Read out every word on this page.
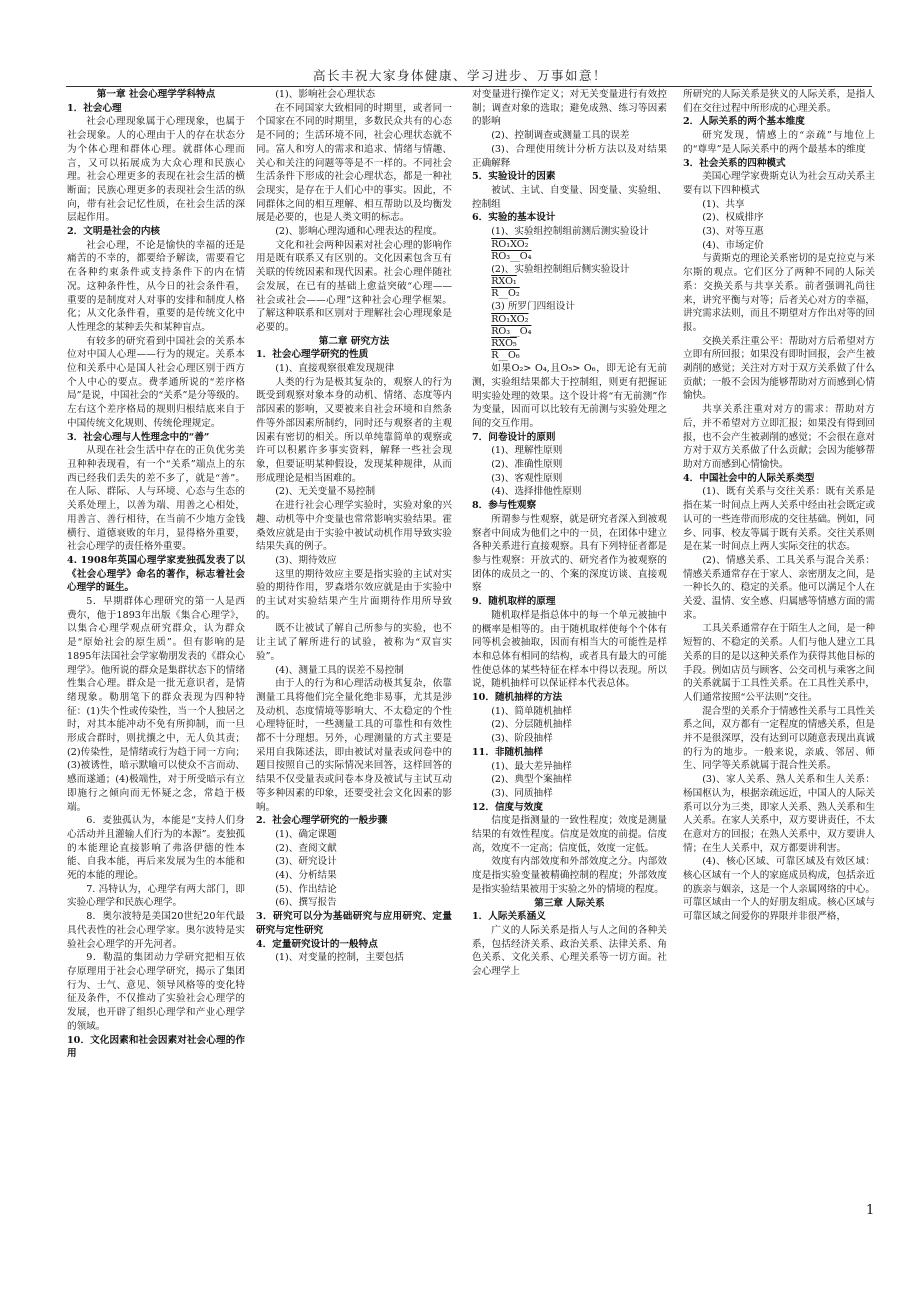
高长丰祝大家身体健康、学习进步、万事如意！
第一章 社会心理学学科特点
1．社会心理
社会心理现象属于心理现象，也属于社会现象。人的心理由于人的存在状态分为个体心理和群体心理。就群体心理而言，又可以拓展成为大众心理和民族心理。社会心理更多的表现在社会生活的横断面；民族心理更多的表现社会生活的纵向，带有社会记忆性质，在社会生活的深层起作用。
2．文明是社会的内核
社会心理，不论是愉快的幸福的还是痛苦的不幸的，都要给予解读，需要看它在各种约束条件或支持条件下的内在情况。这种条件性，从今日的社会条件看，重要的是制度对人对事的安排和制度人格化；从文化条件看，重要的是传统文化中人性理念的某种丢失和某种盲点。
有较多的研究看到中国社会的关系本位对中国人心理——行为的规定。关系本位和关系中心是国人社会心理区别于西方个人中心的要点。费孝通所说的“差序格局”是说，中国社会的“关系”是分等级的。左右这个差序格局的规则归根结底来自于中国传统文化规则、传统伦理规定。
3．社会心理与人性理念中的“善”
从现在社会生活中存在的正负优劣美丑种种表现看，有一个“关系”端点上的东西已经我们丢失的差不多了，就是“善”。在人际、群际、人与环境、心态与生态的关系处理上，以善为端、用善之心相处，用善言、善行相待，在当前不少地方金钱横行、道德衰败的年月，显得格外重要，社会心理学的责任格外重要。
4. 1908年英国心理学家麦独孤发表了以《社会心理学》命名的著作，标志着社会心理学的诞生。
5．早期群体心理研究的第一人是西费尔，他于1893年出版《集合心理学》，以集合心理学观点研究群众，认为群众是“原始社会的原生质”。但有影响的是1895年法国社会学家勒朋发表的《群众心理学》。他所说的群众是集群状态下的情绪性集合心理。群众是一批无意识者，是情绪现象。勒朋笔下的群众表现为四种特征：(1)失个性或传染性，当一个人独居之时，对其本能冲动不免有所抑制，而一旦形成合群时，则扰攘之中，无人负其责；(2)传染性，是情绪或行为趋于同一方向；(3)被诱性，暗示默喻可以使众不言而动、感而遂通；(4)极端性，对于所受暗示有立即施行之倾向而无怀疑之念，常趋于极端。
6．麦独孤认为，本能是“支持人们身心活动并且灌输人们行为的本源”。麦独孤的本能理论直接影响了弗洛伊德的性本能、自我本能，再后来发展为生的本能和死的本能的理论。
7. 冯特认为，心理学有两大部门，即实验心理学和民族心理学。
8．奥尔波特是美国20世纪20年代最具代表性的社会心理学家。奥尔波特是实验社会心理学的开先河者。
9．勒温的集团动力学研究把相互依存原理用于社会心理学研究，揭示了集团行为、士气、意见、领导风格等的变化特征及条件，不仅推动了实验社会心理学的发展，也开辟了组织心理学和产业心理学的领域。
10．文化因素和社会因素对社会心理的作用
(1)、影响社会心理状态
在不同国家大致相同的时期里，或者同一个国家在不同的时期里，多数民众共有的心态是不同的；生活环境不同，社会心理状态就不同。富人和穷人的需求和追求、情绪与情趣、关心和关注的问题等等是不一样的。不同社会生活条件下形成的社会心理状态，都是一种社会现实，是存在于人们心中的事实。因此，不同群体之间的相互理解、相互帮助以及均衡发展是必要的，也是人类文明的标志。
(2)、影响心理沟通和心理表达的程度。
文化和社会两种因素对社会心理的影响作用是既有联系又有区别的。文化因素包含互有关联的传统因素和现代因素。社会心理伴随社会发展，在已有的基础上愈益突破“心理——社会或社会——心理”这种社会心理学框架。了解这种联系和区别对于理解社会心理现象是必要的。
第二章 研究方法
1．社会心理学研究的性质
(1)、直接观察很难发现规律
人类的行为是极其复杂的，观察人的行为既受到观察对象本身的动机、情绪、态度等内部因素的影响，又要被来自社会环境和自然条件等外部因素所制约，同时还与观察者的主观因素有密切的相关。所以单纯靠简单的观察或许可以积累许多事实资料，解释一些社会现象，但要证明某种假设，发现某种规律，从而形成理论是相当困难的。
(2)、无关变量不易控制
在进行社会心理学实验时，实验对象的兴趣、动机等中介变量也常常影响实验结果。霍桑效应就是由于实验中被试动机作用导致实验结果失真的例子。
(3)、期待效应
这里的期待效应主要是指实验的主试对实验的期待作用，罗森塔尔效应就是由于实验中的主试对实验结果产生片面期待作用所导致的。
既不让被试了解自己所参与的实验，也不让主试了解所进行的试验，被称为“双盲实验”。
(4)、测量工具的误差不易控制
由于人的行为和心理活动极其复杂，依靠测量工具将他们完全量化绝非易事，尤其是涉及动机、态度情境等影响大、不太稳定的个性心理特征时，一些测量工具的可靠性和有效性都不十分理想。另外，心理测量的方式主要是采用自我陈述法，即由被试对量表或问卷中的题目按照自己的实际情况来回答，这样回答的结果不仅受量表或问卷本身及被试与主试互动等多种因素的印象，还要受社会文化因素的影响。
2．社会心理学研究的一般步骤
(1)、确定课题
(2)、查阅文献
(3)、研究设计
(4)、分析结果
(5)、作出结论
(6)、撰写报告
3．研究可以分为基础研究与应用研究、定量研究与定性研究
4．定量研究设计的一般特点
(1)、对变量的控制，主要包括
对变量进行操作定义；对无关变量进行有效控制；调查对象的选取；避免成熟、练习等因素的影响
(2)、控制调查或测量工具的误差
(3)、合理使用统计分析方法以及对结果正确解释
5．实验设计的因素
被试、主试、自变量、因变量、实验组、控制组
6．实验的基本设计
(1)、实验组控制组前测后测实验设计
RO₁XO₂
RO₃__O₄
(2)、实验组控制组后侧实验设计
RXO₁
R__O₂
(3) 所罗门四组设计
RO₁XO₂
RO₃__O₄
RXO₅
R__O₆
如果O₂> O₄,且O₅> O₆，即无论有无前测，实验组结果都大于控制组，则更有把握证明实验处理的效果。这个设计将“有无前测”作为变量，因而可以比较有无前测与实验处理之间的交互作用。
7．问卷设计的原则
(1)、理解性原则
(2)、准确性原则
(3)、客观性原则
(4)、选择排他性原则
8．参与性观察
所谓参与性观察，就是研究者深入到被观察者中间成为他们之中的一员，在团体中建立各种关系进行直接观察。具有下列特征者都是参与性观察：开放式的、研究者作为被观察的团体的成员之一的、个案的深度访谈、直接观察
9．随机取样的原理
随机取样是指总体中的每一个单元被抽中的概率是相等的。由于随机取样使每个个体有同等机会被抽取，因而有相当大的可能性是样本和总体有相同的结构，或者具有最大的可能性使总体的某些特征在样本中得以表现。所以说，随机抽样可以保证样本代表总体。
10．随机抽样的方法
(1)、简单随机抽样
(2)、分层随机抽样
(3)、阶段抽样
11．非随机抽样
(1)、最大差异抽样
(2)、典型个案抽样
(3)、同质抽样
12．信度与效度
信度是指测量的一致性程度；效度是测量结果的有效性程度。信度是效度的前提。信度高，效度不一定高；信度低，效度一定低。
效度有内部效度和外部效度之分。内部效度是指实验变量被精确控制的程度；外部效度是指实验结果被用于实验之外的情境的程度。
第三章 人际关系
1．人际关系涵义
广义的人际关系是指人与人之间的各种关系，包括经济关系、政治关系、法律关系、角色关系、文化关系、心理关系等一切方面。社会心理学上
所研究的人际关系是狭义的人际关系，是指人们在交往过程中所形成的心理关系。
2．人际关系的两个基本维度
研究发现，情感上的“亲疏”与地位上的“尊卑”是人际关系中的两个最基本的维度
3．社会关系的四种模式
美国心理学家费斯克认为社会互动关系主要有以下四种模式
(1)、共享
(2)、权威排序
(3)、对等互惠
(4)、市场定价
与黄斯克的理论关系密切的是克拉克与米尔斯的观点。它们区分了两种不同的人际关系：交换关系与共享关系。前者强调礼尚往来，讲究平衡与对等；后者关心对方的幸福，讲究需求法则，而且不期望对方作出对等的回报。
交换关系注重公平：帮助对方后希望对方立即有所回报；如果没有即时回报，会产生被剥削的感觉；关注对方对于双方关系做了什么贡献；一般不会因为能够帮助对方而感到心情愉快。
共享关系注重对对方的需求：帮助对方后，并不希望对方立即汇报；如果没有得到回报，也不会产生被剥削的感觉；不会很在意对方对于双方关系做了什么贡献；会因为能够帮助对方而感到心情愉快。
4．中国社会中的人际关系类型
(1)、既有关系与交往关系：既有关系是指在某一时间点上两人关系中经由社会既定或认可的一些连带而形成的交往基础。例如，同乡、同事、校友等属于既有关系。交往关系则是在某一时间点上两人实际交往的状态。
(2)、情感关系、工具关系与混合关系：情感关系通常存在于家人、亲密朋友之间，是一种长久的、稳定的关系。他可以满足个人在关爱、温情、安全感、归属感等情感方面的需求。
工具关系通常存在于陌生人之间，是一种短暂的、不稳定的关系。人们与他人建立工具关系的目的是以这种关系作为获得其他目标的手段。例如店员与顾客、公交司机与乘客之间的关系就属于工具性关系。在工具性关系中，人们通常按照“公平法则”交往。
混合型的关系介于情感性关系与工具性关系之间，双方都有一定程度的情感关系，但是并不是很深厚，没有达到可以随意表现出真诚的行为的地步。一般来说，亲戚、邻居、师生、同学等关系就属于混合性关系。
(3)、家人关系、熟人关系和生人关系：杨国枢认为，根据亲疏远近，中国人的人际关系可以分为三类，即家人关系、熟人关系和生人关系。在家人关系中，双方要讲责任，不太在意对方的回报；在熟人关系中，双方要讲人情；在生人关系中，双方都要讲利害。
(4)、核心区域、可靠区域及有效区域：核心区域有一个人的家庭成员构成，包括亲近的族亲与姻亲，这是一个人亲属网络的中心。可靠区域由一个人的好朋友组成。核心区域与可靠区域之间爱你的界限并非很严格，
1
